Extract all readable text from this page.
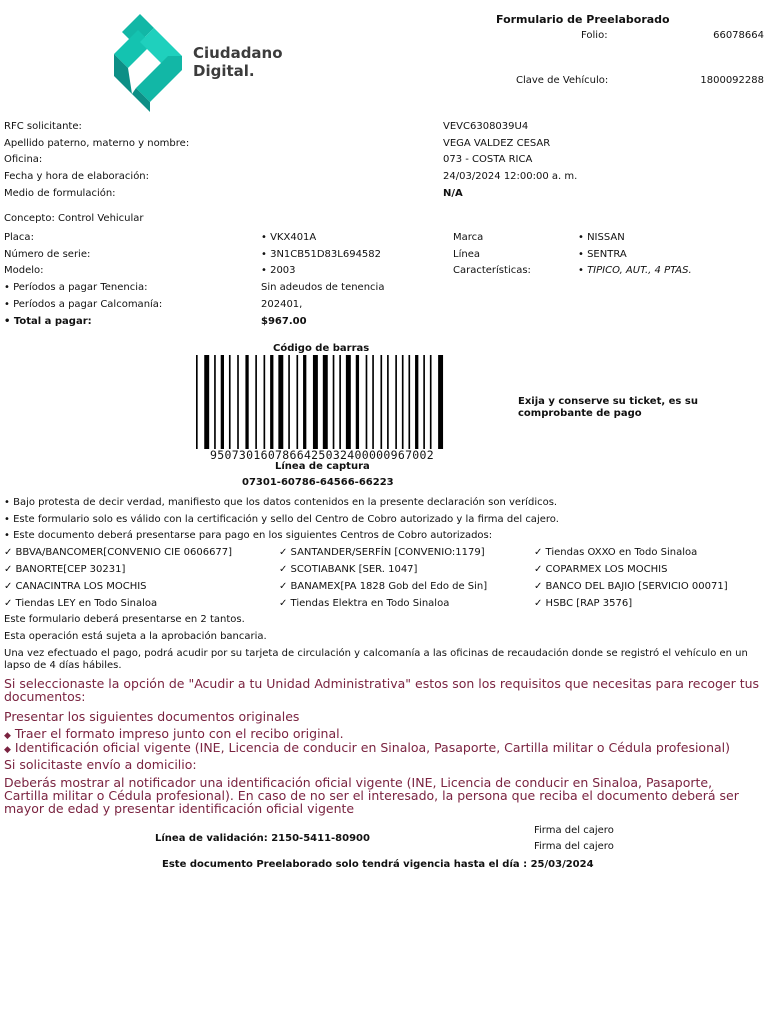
Ciudadano
Digital.
Formulario de Preelaborado
Folio:	66078664
Clave de Vehículo:	1800092288
RFC solicitante:	VEVC6308039U4
Apellido paterno, materno y nombre:	VEGA VALDEZ CESAR
Oficina:	073 - COSTA RICA
Fecha y hora de elaboración:	24/03/2024 12:00:00 a. m.
Medio de formulación:	N/A
Concepto: Control Vehicular
Placa:	• VKX401A	Marca	• NISSAN
Número de serie:	• 3N1CB51D83L694582	Línea	• SENTRA
Modelo:	• 2003	Características:	• TIPICO, AUT., 4 PTAS.
• Períodos a pagar Tenencia:	Sin adeudos de tenencia
• Períodos a pagar Calcomanía:	202401,
• Total a pagar:	$967.00
Código de barras
9507301607866425032400000967002
Línea de captura
07301-60786-64566-66223
Exija y conserve su ticket, es su
comprobante de pago
• Bajo protesta de decir verdad, manifiesto que los datos contenidos en la presente declaración son verídicos.
• Este formulario solo es válido con la certificación y sello del Centro de Cobro autorizado y la firma del cajero.
• Este documento deberá presentarse para pago en los siguientes Centros de Cobro autorizados:
✓ BBVA/BANCOMER[CONVENIO CIE 0606677]	✓ SANTANDER/SERFÍN [CONVENIO:1179]	✓ Tiendas OXXO en Todo Sinaloa
✓ BANORTE[CEP 30231]	✓ SCOTIABANK [SER. 1047]	✓ COPARMEX LOS MOCHIS
✓ CANACINTRA LOS MOCHIS	✓ BANAMEX[PA 1828 Gob del Edo de Sin]	✓ BANCO DEL BAJIO [SERVICIO 00071]
✓ Tiendas LEY en Todo Sinaloa	✓ Tiendas Elektra en Todo Sinaloa	✓ HSBC [RAP 3576]
Este formulario deberá presentarse en 2 tantos.
Esta operación está sujeta a la aprobación bancaria.
Una vez efectuado el pago, podrá acudir por su tarjeta de circulación y calcomanía a las oficinas de recaudación donde se registró el vehículo en un lapso de 4 días hábiles.
Si seleccionaste la opción de "Acudir a tu Unidad Administrativa" estos son los requisitos que necesitas para recoger tus documentos:
Presentar los siguientes documentos originales
◆ Traer el formato impreso junto con el recibo original.
◆ Identificación oficial vigente (INE, Licencia de conducir en Sinaloa, Pasaporte, Cartilla militar o Cédula profesional)
Si solicitaste envío a domicilio:
Deberás mostrar al notificador una identificación oficial vigente (INE, Licencia de conducir en Sinaloa, Pasaporte, Cartilla militar o Cédula profesional). En caso de no ser el interesado, la persona que reciba el documento deberá ser mayor de edad y presentar identificación oficial vigente
Línea de validación: 2150-5411-80900
Firma del cajero
Firma del cajero
Este documento Preelaborado solo tendrá vigencia hasta el día : 25/03/2024
